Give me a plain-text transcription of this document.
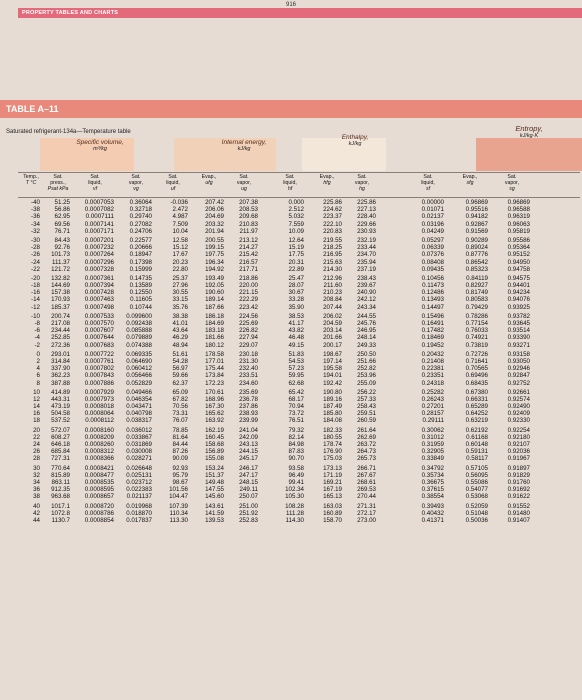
916
PROPERTY TABLES AND CHARTS
TABLE A–11
Saturated refrigerant-134a—Temperature table
Specific volume,
m³/kg
Internal energy,
kJ/kg
Enthalpy,
kJ/kg
Entropy,
kJ/kg·K
Temp.,
T °C
Sat.
press.,
Psat kPa
Sat.
liquid,
vf
Sat.
vapor,
vg
Sat.
liquid,
uf
Evap.,
ufg
Sat.
vapor,
ug
Sat.
liquid,
hf
Evap.,
hfg
Sat.
vapor,
hg
Sat.
liquid,
sf
Evap.,
sfg
Sat.
vapor,
sg
-40	51.25	0.0007053	0.36064	-0.036	207.42	207.38	0.000	225.86	225.86	0.00000	0.96869	0.96869
-38	56.86	0.0007082	0.32718	2.472	206.06	208.53	2.512	224.62	227.13	0.01071	0.95516	0.96588
-36	62.95	0.0007111	0.29740	4.987	204.69	209.68	5.032	223.37	228.40	0.02137	0.94182	0.96319
-34	69.56	0.0007141	0.27082	7.509	203.32	210.83	7.559	222.10	229.66	0.03196	0.92867	0.96063
-32	76.71	0.0007171	0.24706	10.04	201.94	211.97	10.09	220.83	230.93	0.04249	0.91569	0.95819
-30	84.43	0.0007201	0.22577	12.58	200.55	213.12	12.64	219.55	232.19	0.05297	0.90289	0.95586
-28	92.76	0.0007232	0.20666	15.12	199.15	214.27	15.19	218.25	233.44	0.06339	0.89024	0.95364
-26	101.73	0.0007264	0.18947	17.67	197.75	215.42	17.75	216.95	234.70	0.07376	0.87776	0.95152
-24	111.37	0.0007296	0.17398	20.23	196.34	216.57	20.31	215.63	235.94	0.08408	0.86542	0.94950
-22	121.72	0.0007328	0.15999	22.80	194.92	217.71	22.89	214.30	237.19	0.09435	0.85323	0.94758
-20	132.82	0.0007361	0.14735	25.37	193.49	218.86	25.47	212.96	238.43	0.10456	0.84119	0.94575
-18	144.69	0.0007394	0.13589	27.96	192.05	220.00	28.07	211.60	239.67	0.11473	0.82927	0.94401
-16	157.38	0.0007428	0.12550	30.55	190.60	221.15	30.67	210.23	240.90	0.12486	0.81749	0.94234
-14	170.93	0.0007463	0.11605	33.15	189.14	222.29	33.28	208.84	242.12	0.13493	0.80583	0.94076
-12	185.37	0.0007498	0.10744	35.76	187.66	223.42	35.90	207.44	243.34	0.14497	0.79429	0.93925
-10	200.74	0.0007533	0.099600	38.38	186.18	224.56	38.53	206.02	244.55	0.15496	0.78286	0.93782
-8	217.08	0.0007570	0.092438	41.01	184.69	225.69	41.17	204.59	245.76	0.16491	0.77154	0.93645
-6	234.44	0.0007607	0.085888	43.64	183.18	226.82	43.82	203.14	246.95	0.17482	0.76033	0.93514
-4	252.85	0.0007644	0.079889	46.29	181.66	227.94	46.48	201.66	248.14	0.18469	0.74921	0.93390
-2	272.36	0.0007683	0.074388	48.94	180.12	229.07	49.15	200.17	249.33	0.19452	0.73819	0.93271
0	293.01	0.0007722	0.069335	51.61	178.58	230.18	51.83	198.67	250.50	0.20432	0.72726	0.93158
2	314.84	0.0007761	0.064690	54.28	177.01	231.30	54.53	197.14	251.66	0.21408	0.71641	0.93050
4	337.90	0.0007802	0.060412	56.97	175.44	232.40	57.23	195.58	252.82	0.22381	0.70565	0.92946
6	362.23	0.0007843	0.056466	59.66	173.84	233.51	59.95	194.01	253.96	0.23351	0.69496	0.92847
8	387.88	0.0007886	0.052829	62.37	172.23	234.60	62.68	192.42	255.09	0.24318	0.68435	0.92752
10	414.89	0.0007929	0.049466	65.09	170.61	235.69	65.42	190.80	256.22	0.25282	0.67380	0.92661
12	443.31	0.0007973	0.046354	67.82	168.96	236.78	68.17	189.16	257.33	0.26243	0.66331	0.92574
14	473.19	0.0008018	0.043471	70.56	167.30	237.86	70.94	187.49	258.43	0.27201	0.65289	0.92490
16	504.58	0.0008064	0.040798	73.31	165.62	238.93	73.72	185.80	259.51	0.28157	0.64252	0.92409
18	537.52	0.0008112	0.038317	76.07	163.92	239.99	76.51	184.08	260.59	0.29111	0.63219	0.92330
20	572.07	0.0008160	0.036012	78.85	162.19	241.04	79.32	182.33	261.64	0.30062	0.62192	0.92254
22	608.27	0.0008209	0.033867	81.64	160.45	242.09	82.14	180.55	262.69	0.31012	0.61168	0.92180
24	646.18	0.0008260	0.031869	84.44	158.68	243.13	84.98	178.74	263.72	0.31959	0.60148	0.92107
26	685.84	0.0008312	0.030008	87.26	156.89	244.15	87.83	176.90	264.73	0.32905	0.59131	0.92036
28	727.31	0.0008366	0.028271	90.09	155.08	245.17	90.70	175.03	265.73	0.33849	0.58117	0.91967
30	770.64	0.0008421	0.026648	92.93	153.24	246.17	93.58	173.13	266.71	0.34792	0.57105	0.91897
32	815.89	0.0008477	0.025131	95.79	151.37	247.17	96.49	171.19	267.67	0.35734	0.56095	0.91829
34	863.11	0.0008535	0.023712	98.67	149.48	248.15	99.41	169.21	268.61	0.36675	0.55086	0.91760
36	912.35	0.0008595	0.022383	101.56	147.55	249.11	102.34	167.19	269.53	0.37615	0.54077	0.91692
38	963.68	0.0008657	0.021137	104.47	145.60	250.07	105.30	165.13	270.44	0.38554	0.53068	0.91622
40	1017.1	0.0008720	0.019968	107.39	143.61	251.00	108.28	163.03	271.31	0.39493	0.52059	0.91552
42	1072.8	0.0008786	0.018870	110.34	141.59	251.92	111.28	160.89	272.17	0.40432	0.51048	0.91480
44	1130.7	0.0008854	0.017837	113.30	139.53	252.83	114.30	158.70	273.00	0.41371	0.50036	0.91407
